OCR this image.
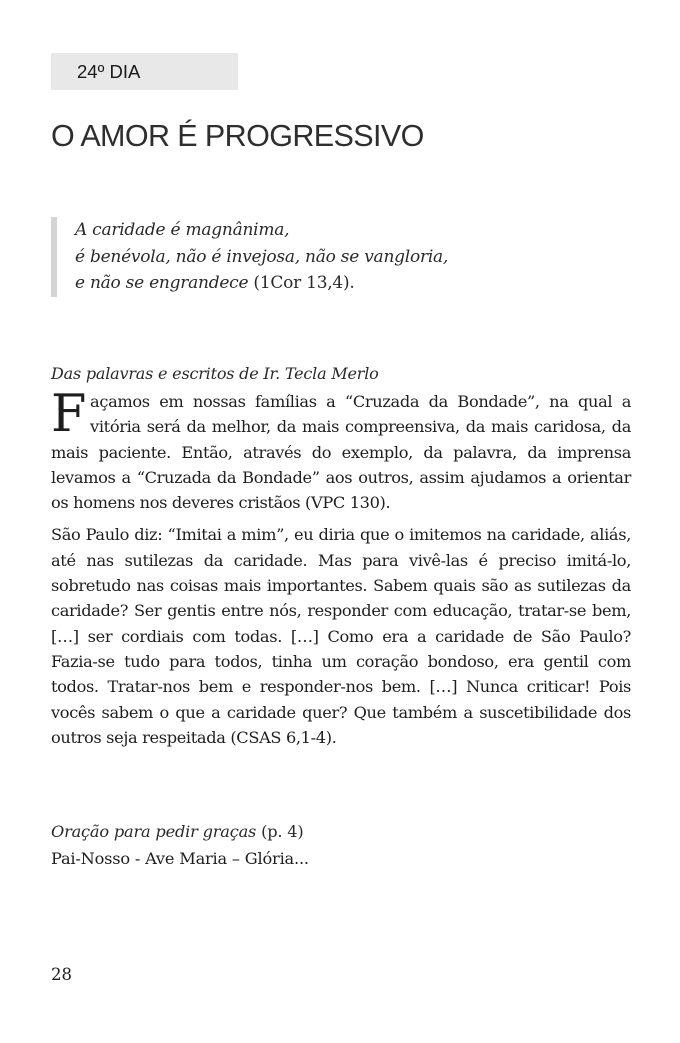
24º DIA
O AMOR É PROGRESSIVO
A caridade é magnânima,
é benévola, não é invejosa, não se vangloria,
e não se engrandece (1Cor 13,4).
Das palavras e escritos de Ir. Tecla Merlo

Façamos em nossas famílias a “Cruzada da Bondade”, na qual a vitória será da melhor, da mais compreensiva, da mais caridosa, da mais paciente. Então, através do exemplo, da palavra, da imprensa levamos a “Cruzada da Bondade” aos outros, assim ajudamos a orientar os homens nos deveres cristãos (VPC 130).

São Paulo diz: “Imitai a mim”, eu diria que o imitemos na caridade, aliás, até nas sutilezas da caridade. Mas para vivê-las é preciso imitá-lo, sobretudo nas coisas mais importantes. Sabem quais são as sutilezas da caridade? Ser gentis entre nós, responder com educação, tratar-se bem, […] ser cordiais com todas. […] Como era a caridade de São Paulo? Fazia-se tudo para todos, tinha um coração bondoso, era gentil com todos. Tratar-nos bem e responder-nos bem. […] Nunca criticar! Pois vocês sabem o que a caridade quer? Que também a suscetibilidade dos outros seja respeitada (CSAS 6,1-4).

Oração para pedir graças (p. 4)
Pai-Nosso - Ave Maria – Glória...
28
